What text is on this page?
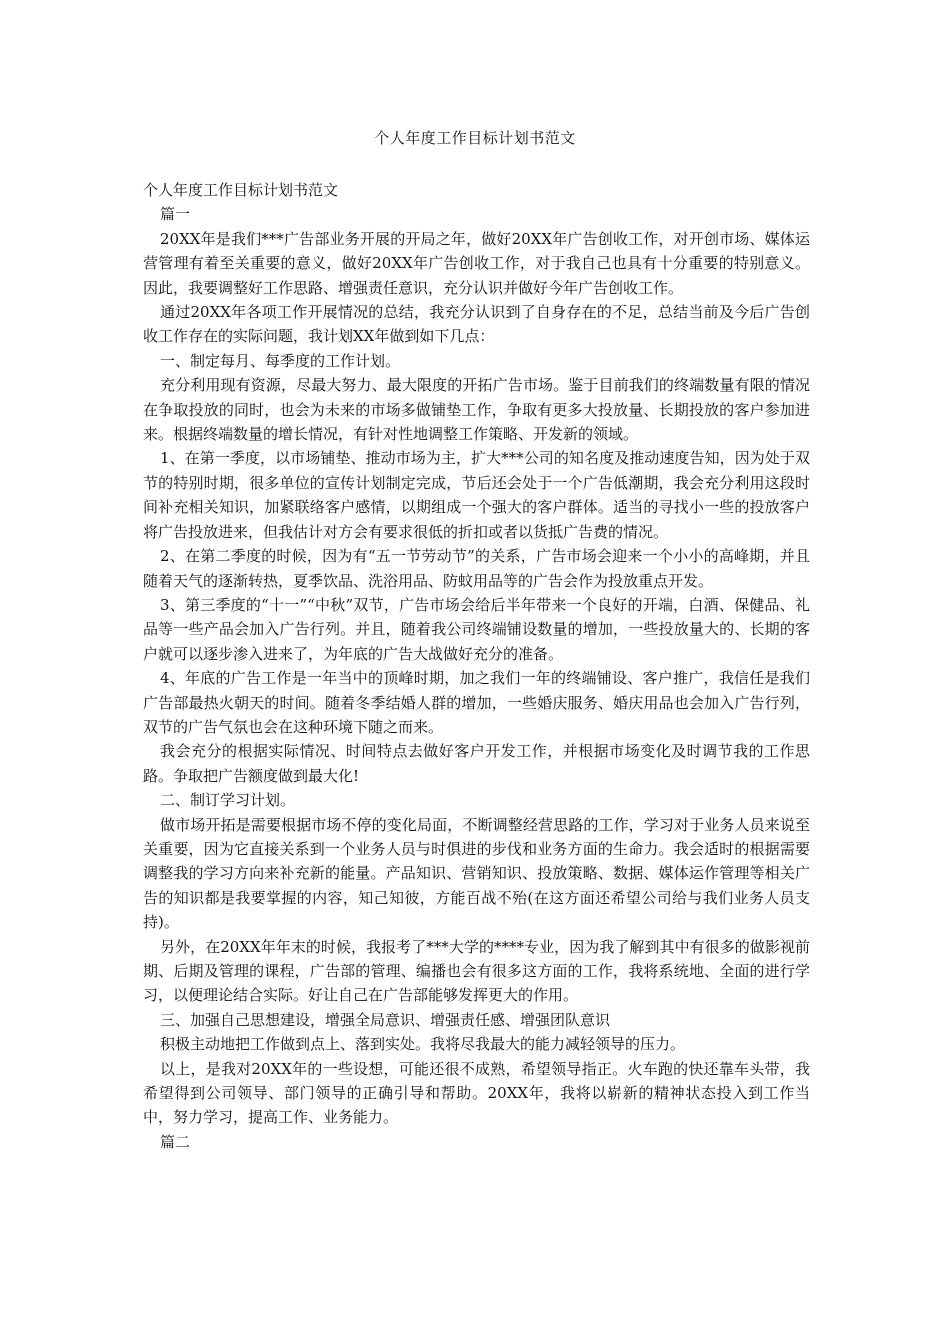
个人年度工作目标计划书范文

个人年度工作目标计划书范文

篇一

20XX年是我们***广告部业务开展的开局之年，做好20XX年广告创收工作，对开创市场、媒体运营管理有着至关重要的意义，做好20XX年广告创收工作，对于我自己也具有十分重要的特别意义。因此，我要调整好工作思路、增强责任意识，充分认识并做好今年广告创收工作。

通过20XX年各项工作开展情况的总结，我充分认识到了自身存在的不足，总结当前及今后广告创收工作存在的实际问题，我计划XX年做到如下几点：

一、制定每月、每季度的工作计划。

充分利用现有资源，尽最大努力、最大限度的开拓广告市场。鉴于目前我们的终端数量有限的情况在争取投放的同时，也会为未来的市场多做铺垫工作，争取有更多大投放量、长期投放的客户参加进来。根据终端数量的增长情况，有针对性地调整工作策略、开发新的领域。

1、在第一季度，以市场铺垫、推动市场为主，扩大***公司的知名度及推动速度告知，因为处于双节的特别时期，很多单位的宣传计划制定完成，节后还会处于一个广告低潮期，我会充分利用这段时间补充相关知识，加紧联络客户感情，以期组成一个强大的客户群体。适当的寻找小一些的投放客户将广告投放进来，但我估计对方会有要求很低的折扣或者以货抵广告费的情况。

2、在第二季度的时候，因为有“五一节劳动节”的关系，广告市场会迎来一个小小的高峰期，并且随着天气的逐渐转热，夏季饮品、洗浴用品、防蚊用品等的广告会作为投放重点开发。

3、第三季度的“十一”“中秋”双节，广告市场会给后半年带来一个良好的开端，白酒、保健品、礼品等一些产品会加入广告行列。并且，随着我公司终端铺设数量的增加，一些投放量大的、长期的客户就可以逐步渗入进来了，为年底的广告大战做好充分的准备。

4、年底的广告工作是一年当中的顶峰时期，加之我们一年的终端铺设、客户推广，我信任是我们广告部最热火朝天的时间。随着冬季结婚人群的增加，一些婚庆服务、婚庆用品也会加入广告行列，双节的广告气氛也会在这种环境下随之而来。

我会充分的根据实际情况、时间特点去做好客户开发工作，并根据市场变化及时调节我的工作思路。争取把广告额度做到最大化!

二、制订学习计划。

做市场开拓是需要根据市场不停的变化局面，不断调整经营思路的工作，学习对于业务人员来说至关重要，因为它直接关系到一个业务人员与时俱进的步伐和业务方面的生命力。我会适时的根据需要调整我的学习方向来补充新的能量。产品知识、营销知识、投放策略、数据、媒体运作管理等相关广告的知识都是我要掌握的内容，知己知彼，方能百战不殆(在这方面还希望公司给与我们业务人员支持)。

另外，在20XX年年末的时候，我报考了***大学的****专业，因为我了解到其中有很多的做影视前期、后期及管理的课程，广告部的管理、编播也会有很多这方面的工作，我将系统地、全面的进行学习，以便理论结合实际。好让自己在广告部能够发挥更大的作用。

三、加强自己思想建设，增强全局意识、增强责任感、增强团队意识

积极主动地把工作做到点上、落到实处。我将尽我最大的能力减轻领导的压力。

以上，是我对20XX年的一些设想，可能还很不成熟，希望领导指正。火车跑的快还靠车头带，我希望得到公司领导、部门领导的正确引导和帮助。20XX年，我将以崭新的精神状态投入到工作当中，努力学习，提高工作、业务能力。

篇二
